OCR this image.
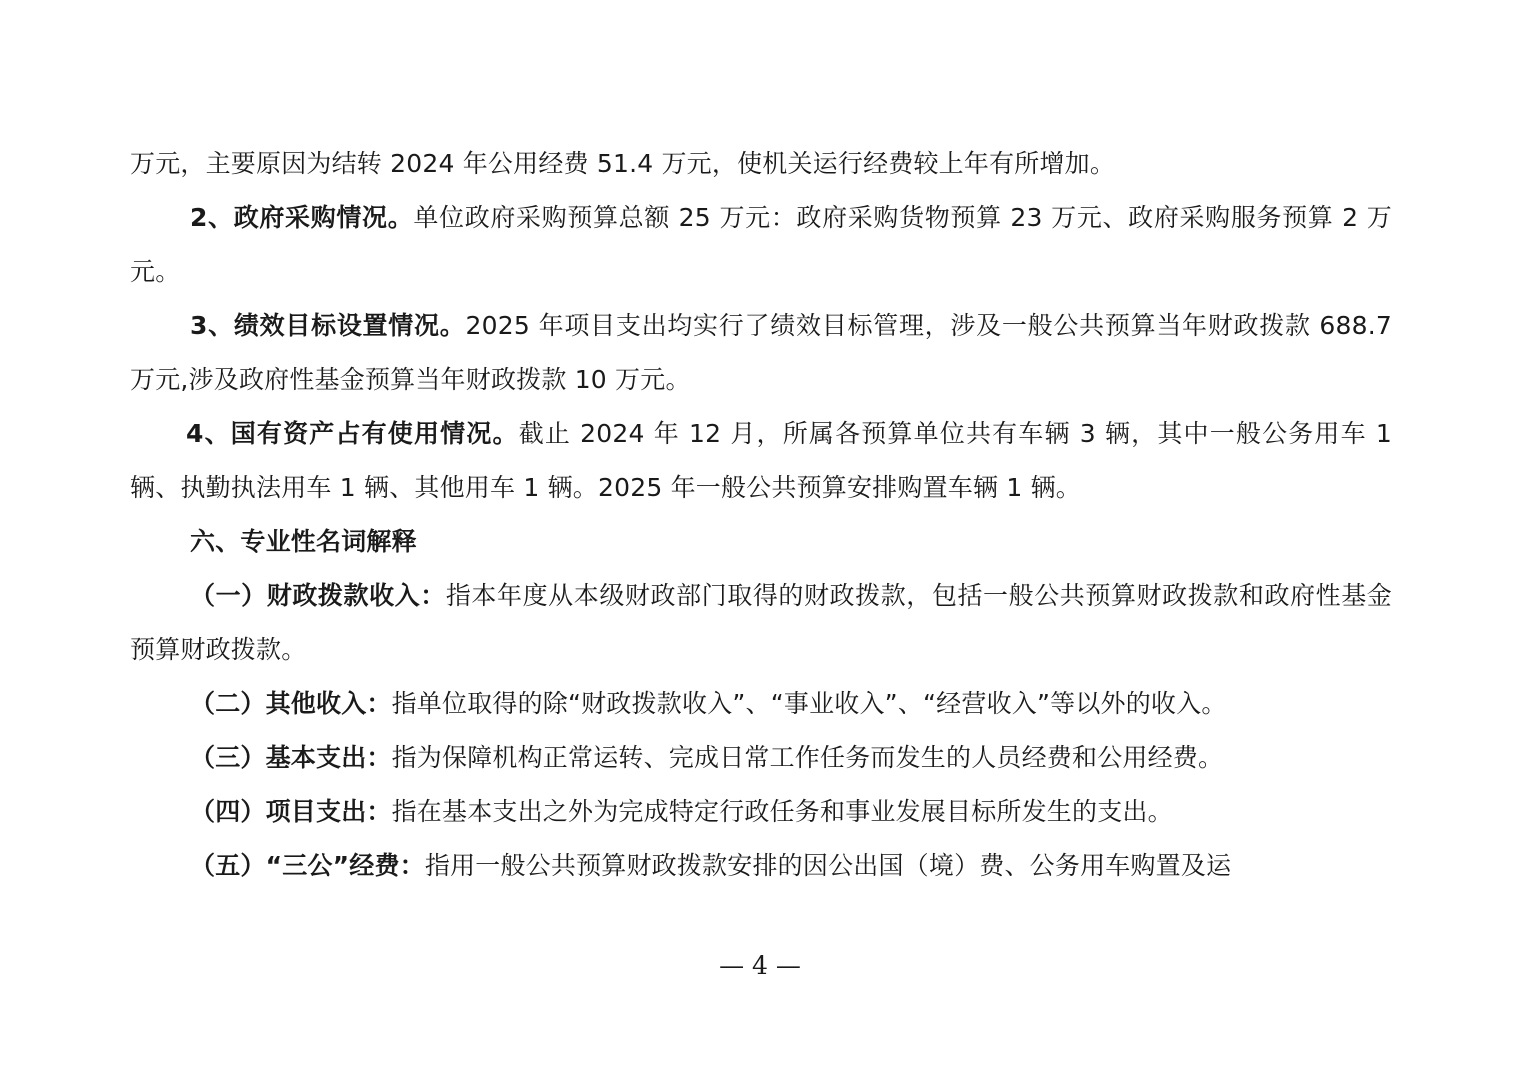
万元，主要原因为结转 2024 年公用经费 51.4 万元，使机关运行经费较上年有所增加。

2、政府采购情况。单位政府采购预算总额 25 万元：政府采购货物预算 23 万元、政府采购服务预算 2 万元。

3、绩效目标设置情况。2025 年项目支出均实行了绩效目标管理，涉及一般公共预算当年财政拨款 688.7 万元,涉及政府性基金预算当年财政拨款 10 万元。

4、国有资产占有使用情况。截止 2024 年 12 月，所属各预算单位共有车辆 3 辆，其中一般公务用车 1 辆、执勤执法用车 1 辆、其他用车 1 辆。2025 年一般公共预算安排购置车辆 1 辆。

六、专业性名词解释

（一）财政拨款收入：指本年度从本级财政部门取得的财政拨款，包括一般公共预算财政拨款和政府性基金预算财政拨款。

（二）其他收入：指单位取得的除“财政拨款收入”、“事业收入”、“经营收入”等以外的收入。

（三）基本支出：指为保障机构正常运转、完成日常工作任务而发生的人员经费和公用经费。

（四）项目支出：指在基本支出之外为完成特定行政任务和事业发展目标所发生的支出。

（五）“三公”经费：指用一般公共预算财政拨款安排的因公出国（境）费、公务用车购置及运

— 4 —
